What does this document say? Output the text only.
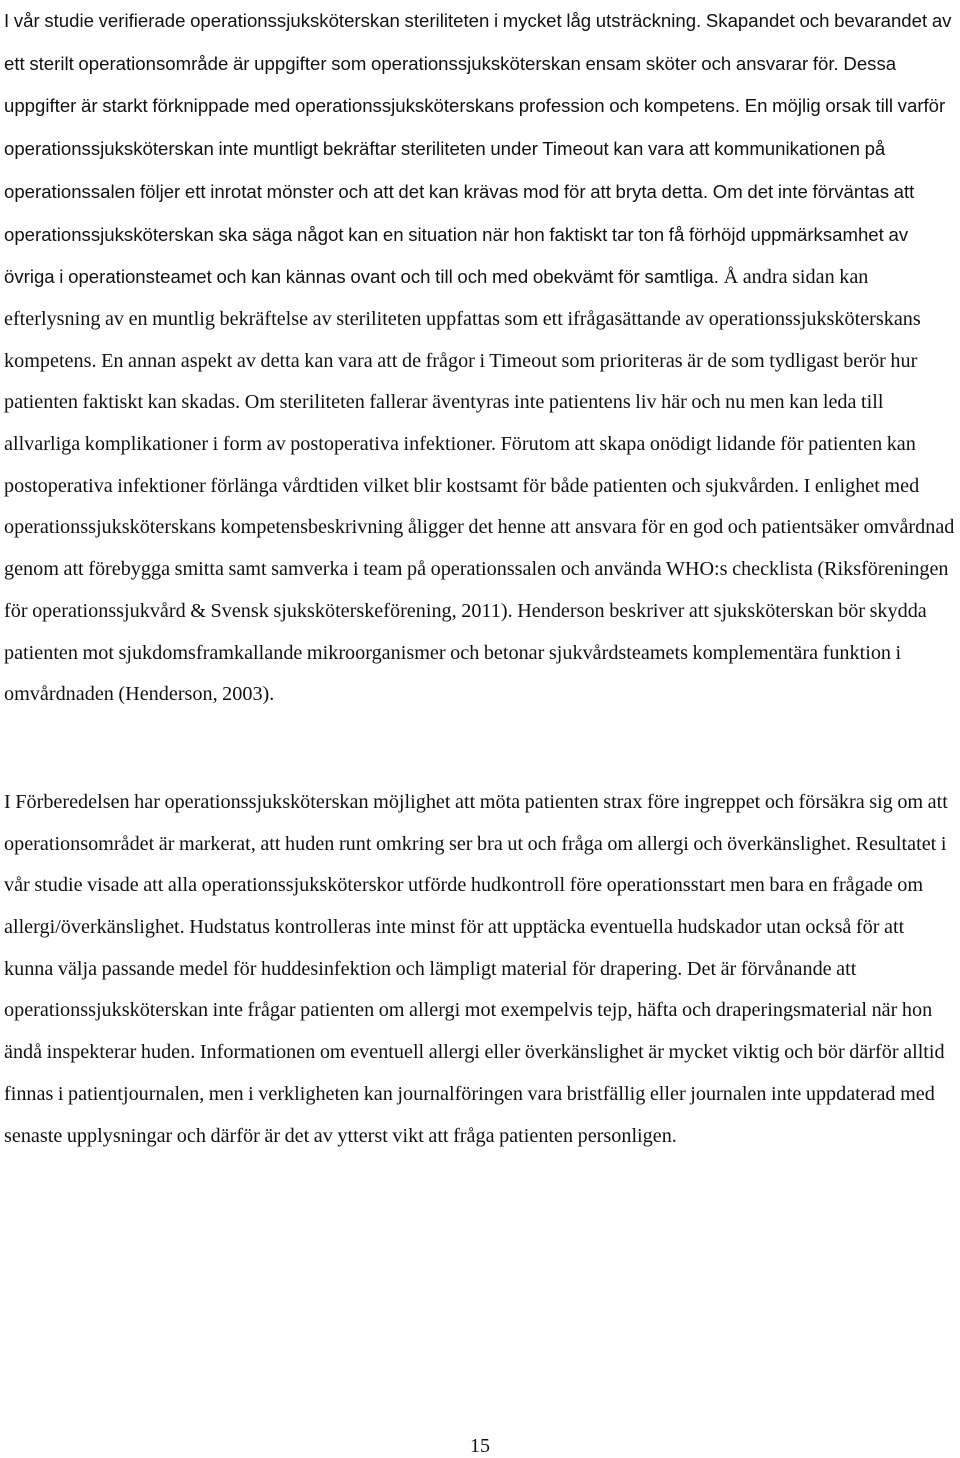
I vår studie verifierade operationssjuksköterskan steriliteten i mycket låg utsträckning. Skapandet och bevarandet av ett sterilt operationsområde är uppgifter som operationssjuksköterskan ensam sköter och ansvarar för. Dessa uppgifter är starkt förknippade med operationssjuksköterskans profession och kompetens. En möjlig orsak till varför operationssjuksköterskan inte muntligt bekräftar steriliteten under Timeout kan vara att kommunikationen på operationssalen följer ett inrotat mönster och att det kan krävas mod för att bryta detta. Om det inte förväntas att operationssjuksköterskan ska säga något kan en situation när hon faktiskt tar ton få förhöjd uppmärksamhet av övriga i operationsteamet och kan kännas ovant och till och med obekvämt för samtliga. Å andra sidan kan efterlysning av en muntlig bekräftelse av steriliteten uppfattas som ett ifrågasättande av operationssjuksköterskans kompetens. En annan aspekt av detta kan vara att de frågor i Timeout som prioriteras är de som tydligast berör hur patienten faktiskt kan skadas. Om steriliteten fallerar äventyras inte patientens liv här och nu men kan leda till allvarliga komplikationer i form av postoperativa infektioner. Förutom att skapa onödigt lidande för patienten kan postoperativa infektioner förlänga vårdtiden vilket blir kostsamt för både patienten och sjukvården. I enlighet med operationssjuksköterskans kompetensbeskrivning åligger det henne att ansvara för en god och patientsäker omvårdnad genom att förebygga smitta samt samverka i team på operationssalen och använda WHO:s checklista (Riksföreningen för operationssjukvård & Svensk sjuksköterskeförening, 2011). Henderson beskriver att sjuksköterskan bör skydda patienten mot sjukdomsframkallande mikroorganismer och betonar sjukvårdsteamets komplementära funktion i omvårdnaden (Henderson, 2003).

I Förberedelsen har operationssjuksköterskan möjlighet att möta patienten strax före ingreppet och försäkra sig om att operationsområdet är markerat, att huden runt omkring ser bra ut och fråga om allergi och överkänslighet. Resultatet i vår studie visade att alla operationssjuksköterskor utförde hudkontroll före operationsstart men bara en frågade om allergi/överkänslighet. Hudstatus kontrolleras inte minst för att upptäcka eventuella hudskador utan också för att kunna välja passande medel för huddesinfektion och lämpligt material för drapering. Det är förvånande att operationssjuksköterskan inte frågar patienten om allergi mot exempelvis tejp, häfta och draperingsmaterial när hon ändå inspekterar huden. Informationen om eventuell allergi eller överkänslighet är mycket viktig och bör därför alltid finnas i patientjournalen, men i verkligheten kan journalföringen vara bristfällig eller journalen inte uppdaterad med senaste upplysningar och därför är det av ytterst vikt att fråga patienten personligen.

15
